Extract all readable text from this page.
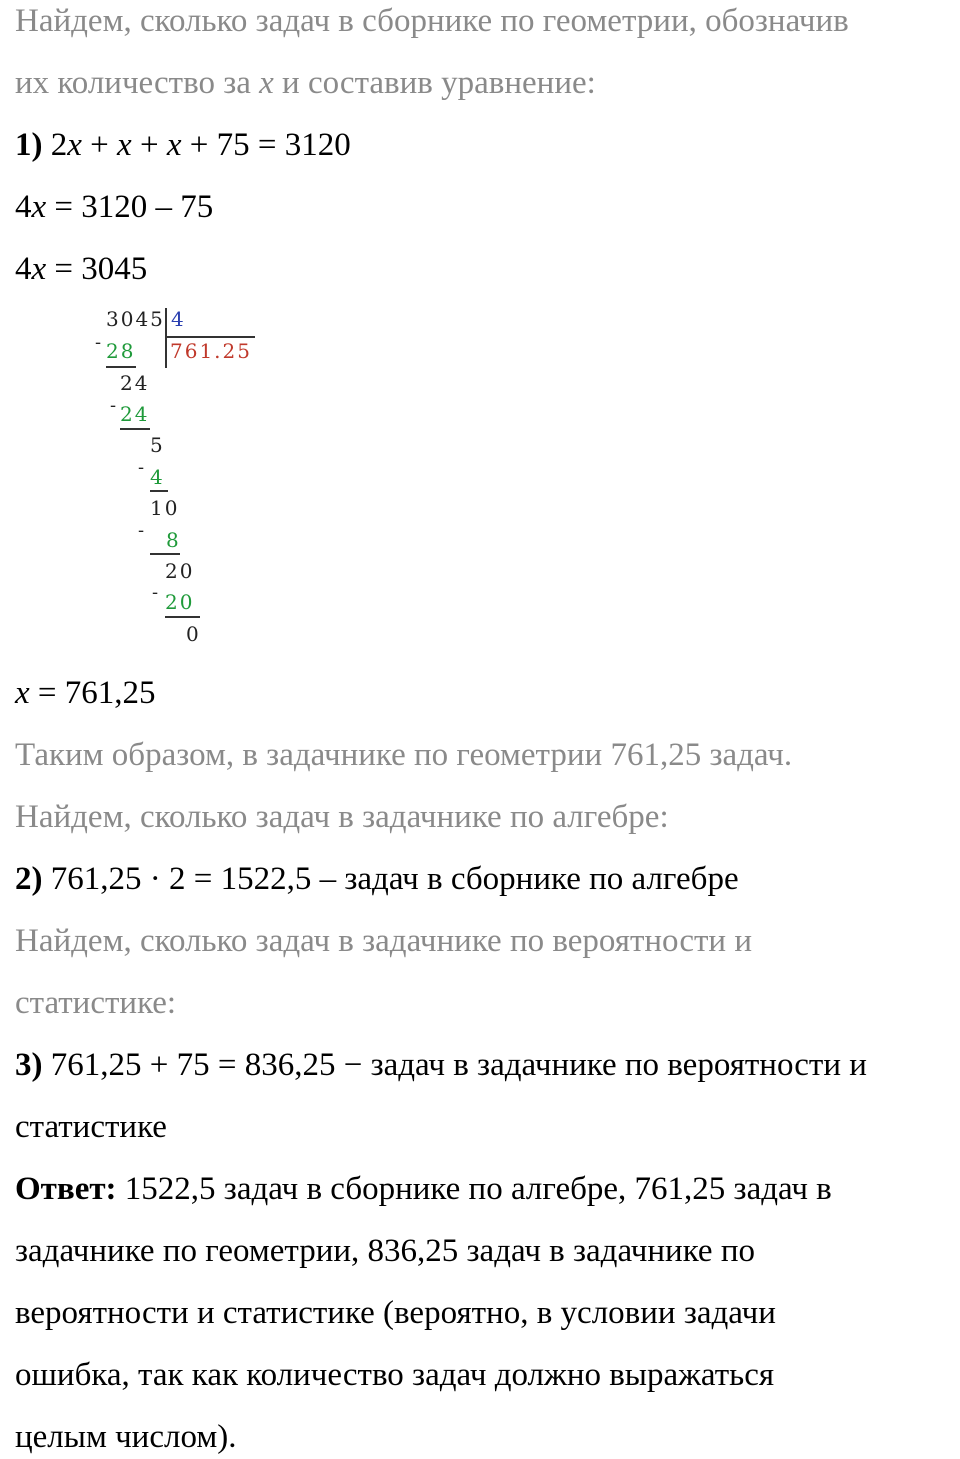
Найдем, сколько задач в сборнике по геометрии, обозначив
их количество за x и составив уравнение:
1) 2x + x + x + 75 = 3120
4x = 3120 – 75
4x = 3045
3045 4
761.25
- 28
24
- 24
5
- 4
10
- 8
20
- 20
0
x = 761,25
Таким образом, в задачнике по геометрии 761,25 задач.
Найдем, сколько задач в задачнике по алгебре:
2) 761,25 · 2 = 1522,5 – задач в сборнике по алгебре
Найдем, сколько задач в задачнике по вероятности и
статистике:
3) 761,25 + 75 = 836,25 − задач в задачнике по вероятности и
статистике
Ответ: 1522,5 задач в сборнике по алгебре, 761,25 задач в
задачнике по геометрии, 836,25 задач в задачнике по
вероятности и статистике (вероятно, в условии задачи
ошибка, так как количество задач должно выражаться
целым числом).
